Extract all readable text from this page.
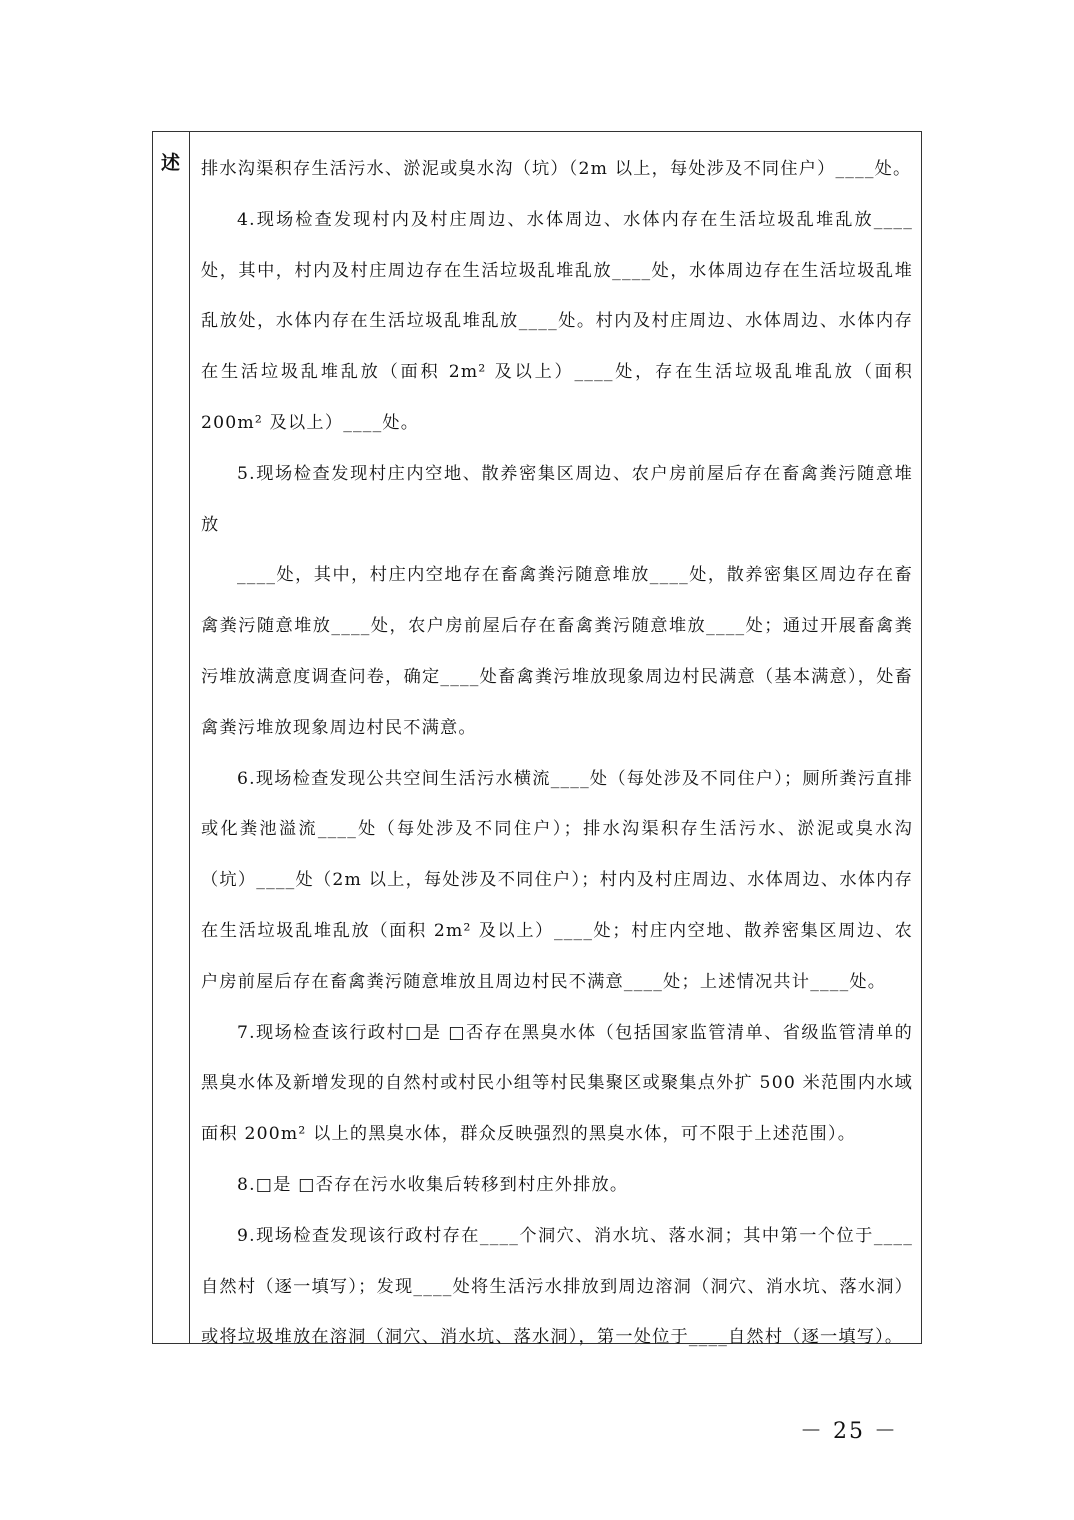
述	排水沟渠积存生活污水、淤泥或臭水沟（坑）（2m 以上，每处涉及不同住户）____处。

4.现场检查发现村内及村庄周边、水体周边、水体内存在生活垃圾乱堆乱放____处，其中，村内及村庄周边存在生活垃圾乱堆乱放____处，水体周边存在生活垃圾乱堆乱放处，水体内存在生活垃圾乱堆乱放____处。村内及村庄周边、水体周边、水体内存在生活垃圾乱堆乱放（面积 2m² 及以上）____处，存在生活垃圾乱堆乱放（面积 200m² 及以上）____处。

5.现场检查发现村庄内空地、散养密集区周边、农户房前屋后存在畜禽粪污随意堆放

____处，其中，村庄内空地存在畜禽粪污随意堆放____处，散养密集区周边存在畜禽粪污随意堆放____处，农户房前屋后存在畜禽粪污随意堆放____处；通过开展畜禽粪污堆放满意度调查问卷，确定____处畜禽粪污堆放现象周边村民满意（基本满意），处畜禽粪污堆放现象周边村民不满意。

6.现场检查发现公共空间生活污水横流____处（每处涉及不同住户）；厕所粪污直排或化粪池溢流____处（每处涉及不同住户）；排水沟渠积存生活污水、淤泥或臭水沟（坑）____处（2m 以上，每处涉及不同住户）；村内及村庄周边、水体周边、水体内存在生活垃圾乱堆乱放（面积 2m² 及以上）____处；村庄内空地、散养密集区周边、农户房前屋后存在畜禽粪污随意堆放且周边村民不满意____处；上述情况共计____处。

7.现场检查该行政村□是 □否存在黑臭水体（包括国家监管清单、省级监管清单的黑臭水体及新增发现的自然村或村民小组等村民集聚区或聚集点外扩 500 米范围内水域面积 200m² 以上的黑臭水体，群众反映强烈的黑臭水体，可不限于上述范围）。

8.□是 □否存在污水收集后转移到村庄外排放。

9.现场检查发现该行政村存在____个洞穴、消水坑、落水洞；其中第一个位于____自然村（逐一填写）；发现____处将生活污水排放到周边溶洞（洞穴、消水坑、落水洞）或将垃圾堆放在溶洞（洞穴、消水坑、落水洞），第一处位于____自然村（逐一填写）。

－ 25 －
